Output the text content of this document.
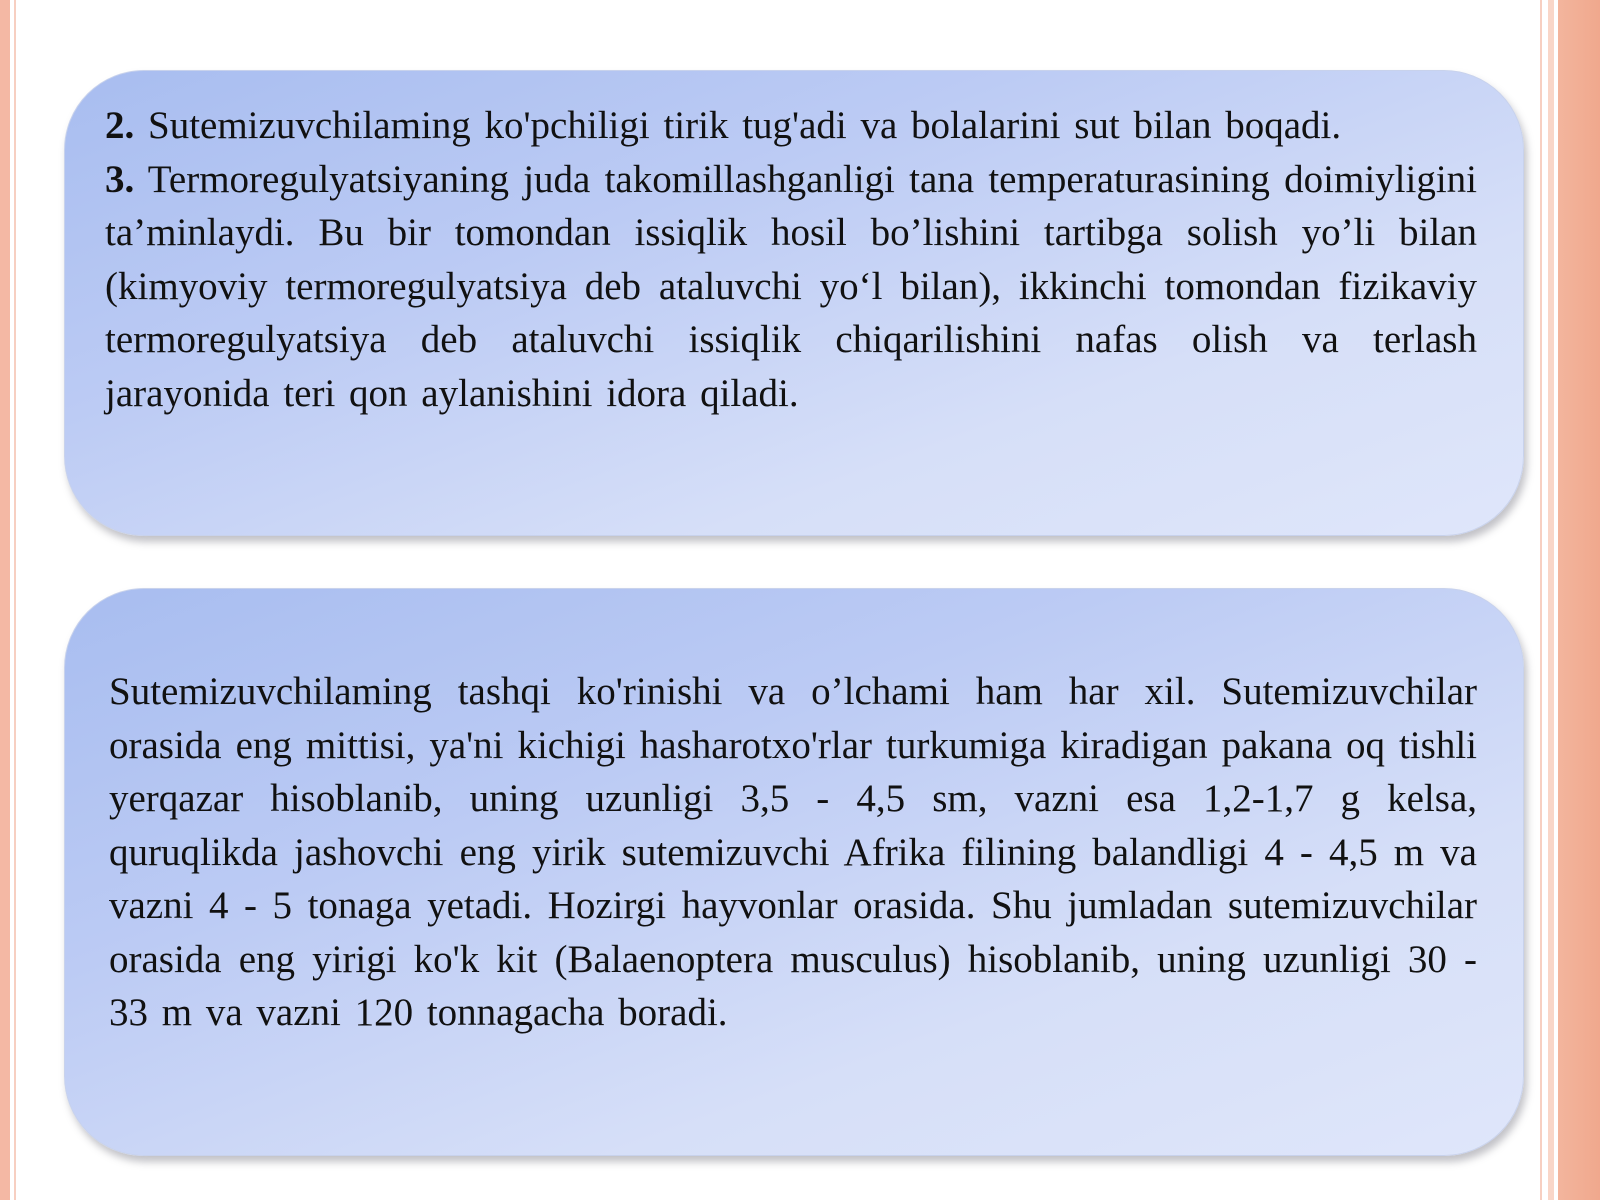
2. Sutemizuvchilaming ko'pchiligi tirik tug'adi va bolalarini sut bilan boqadi.

3. Termoregulyatsiyaning juda takomillashganligi tana temperaturasining doimiyligini ta’minlaydi. Bu bir tomondan issiqlik hosil bo’lishini tartibga solish yo’li bilan (kimyoviy termoregulyatsiya deb ataluvchi yo‘l bilan), ikkinchi tomondan fizikaviy termoregulyatsiya deb ataluvchi issiqlik chiqarilishini nafas olish va terlash jarayonida teri qon aylanishini idora qiladi.

Sutemizuvchilaming tashqi ko'rinishi va o’lchami ham har xil. Sutemizuvchilar orasida eng mittisi, ya'ni kichigi hasharotxo'rlar turkumiga kiradigan pakana oq tishli yerqazar hisoblanib, uning uzunligi 3,5 - 4,5 sm, vazni esa 1,2-1,7 g kelsa, quruqlikda jashovchi eng yirik sutemizuvchi Afrika filining balandligi 4 - 4,5 m va vazni 4 - 5 tonaga yetadi. Hozirgi hayvonlar orasida. Shu jumladan sutemizuvchilar orasida eng yirigi ko'k kit (Balaenoptera musculus) hisoblanib, uning uzunligi 30 - 33 m va vazni 120 tonnagacha boradi.
